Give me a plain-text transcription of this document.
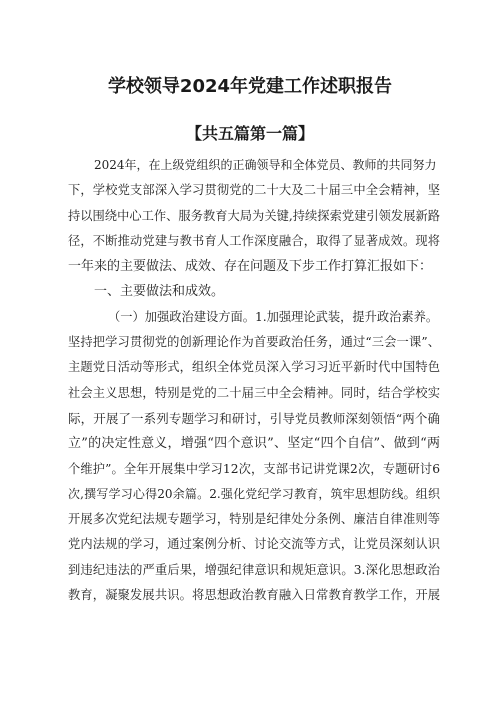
学校领导2024年党建工作述职报告
【共五篇第一篇】
2024年，在上级党组织的正确领导和全体党员、教师的共同努力
下，学校党支部深入学习贯彻党的二十大及二十届三中全会精神，坚
持以围绕中心工作、服务教育大局为关键,持续探索党建引领发展新路
径，不断推动党建与教书育人工作深度融合，取得了显著成效。现将
一年来的主要做法、成效、存在问题及下步工作打算汇报如下：
一、主要做法和成效。
（一）加强政治建设方面。1.加强理论武装，提升政治素养。
坚持把学习贯彻党的创新理论作为首要政治任务，通过“三会一课”、
主题党日活动等形式，组织全体党员深入学习习近平新时代中国特色
社会主义思想，特别是党的二十届三中全会精神。同时，结合学校实
际，开展了一系列专题学习和研讨，引导党员教师深刻领悟“两个确
立”的决定性意义，增强“四个意识”、坚定“四个自信”、做到“两
个维护”。全年开展集中学习12次，支部书记讲党课2次，专题研讨6
次,撰写学习心得20余篇。2.强化党纪学习教育，筑牢思想防线。组织
开展多次党纪法规专题学习，特别是纪律处分条例、廉洁自律准则等
党内法规的学习，通过案例分析、讨论交流等方式，让党员深刻认识
到违纪违法的严重后果，增强纪律意识和规矩意识。3.深化思想政治
教育，凝聚发展共识。将思想政治教育融入日常教育教学工作，开展
